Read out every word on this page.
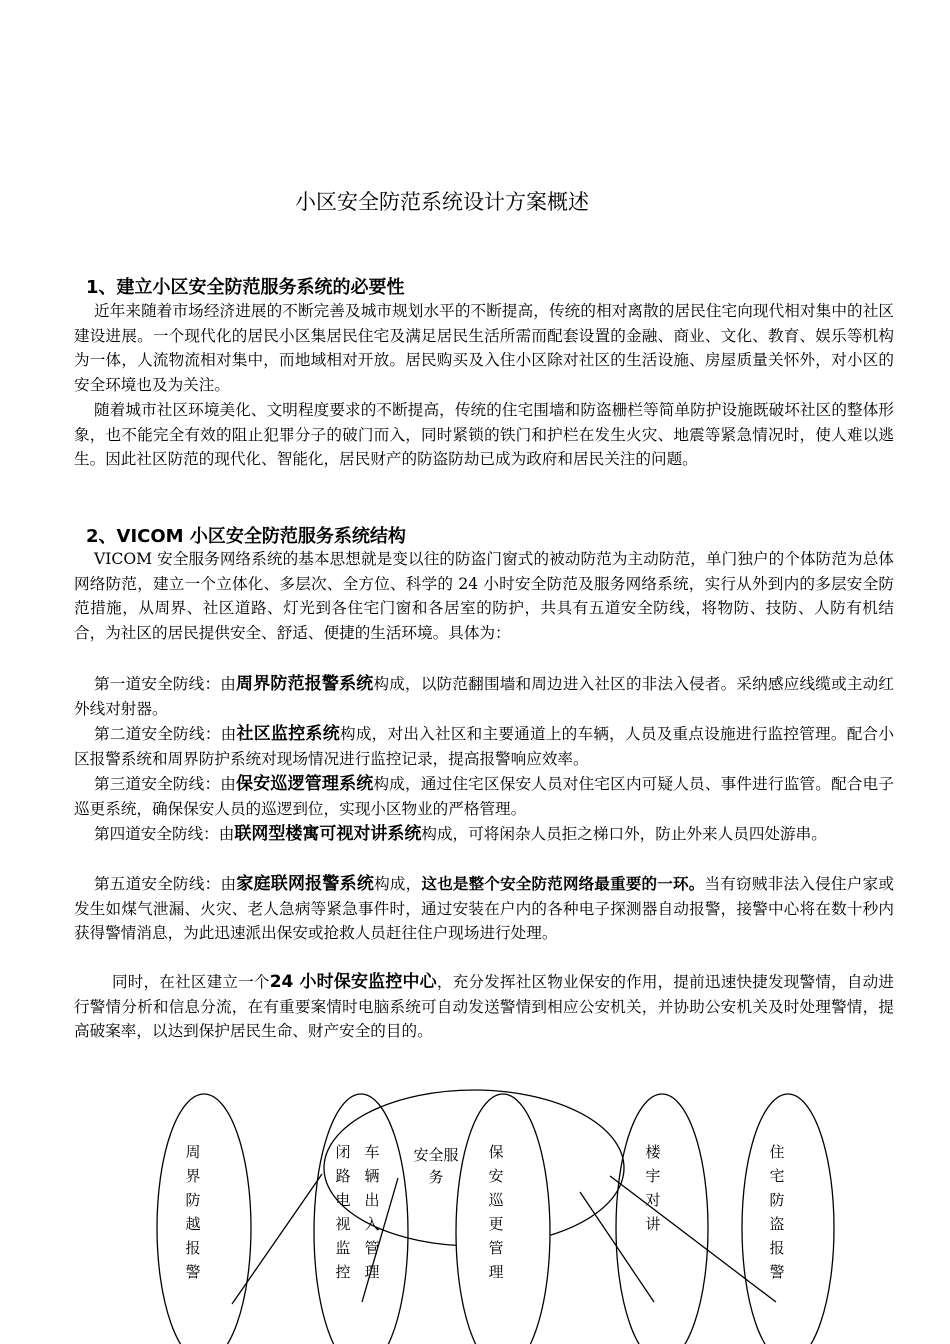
小区安全防范系统设计方案概述
1、建立小区安全防范服务系统的必要性

近年来随着市场经济进展的不断完善及城市规划水平的不断提高，传统的相对离散的居民住宅向现代相对集中的社区建设进展。一个现代化的居民小区集居民住宅及满足居民生活所需而配套设置的金融、商业、文化、教育、娱乐等机构为一体，人流物流相对集中，而地域相对开放。居民购买及入住小区除对社区的生活设施、房屋质量关怀外，对小区的安全环境也及为关注。

随着城市社区环境美化、文明程度要求的不断提高，传统的住宅围墙和防盗栅栏等简单防护设施既破坏社区的整体形象，也不能完全有效的阻止犯罪分子的破门而入，同时紧锁的铁门和护栏在发生火灾、地震等紧急情况时，使人难以逃生。因此社区防范的现代化、智能化，居民财产的防盗防劫已成为政府和居民关注的问题。

2、VICOM 小区安全防范服务系统结构

VICOM 安全服务网络系统的基本思想就是变以往的防盗门窗式的被动防范为主动防范，单门独户的个体防范为总体网络防范，建立一个立体化、多层次、全方位、科学的 24 小时安全防范及服务网络系统，实行从外到内的多层安全防范措施，从周界、社区道路、灯光到各住宅门窗和各居室的防护，共具有五道安全防线，将物防、技防、人防有机结合，为社区的居民提供安全、舒适、便捷的生活环境。具体为：

第一道安全防线：由周界防范报警系统构成，以防范翻围墙和周边进入社区的非法入侵者。采纳感应线缆或主动红外线对射器。

第二道安全防线：由社区监控系统构成，对出入社区和主要通道上的车辆，人员及重点设施进行监控管理。配合小区报警系统和周界防护系统对现场情况进行监控记录，提高报警响应效率。

第三道安全防线：由保安巡逻管理系统构成，通过住宅区保安人员对住宅区内可疑人员、事件进行监管。配合电子巡更系统，确保保安人员的巡逻到位，实现小区物业的严格管理。

第四道安全防线：由联网型楼寓可视对讲系统构成，可将闲杂人员拒之梯口外，防止外来人员四处游串。

第五道安全防线：由家庭联网报警系统构成，这也是整个安全防范网络最重要的一环。当有窃贼非法入侵住户家或发生如煤气泄漏、火灾、老人急病等紧急事件时，通过安装在户内的各种电子探测器自动报警，接警中心将在数十秒内获得警情消息，为此迅速派出保安或抢救人员赶往住户现场进行处理。

同时，在社区建立一个24 小时保安监控中心，充分发挥社区物业保安的作用，提前迅速快捷发现警情，自动进行警情分析和信息分流，在有重要案情时电脑系统可自动发送警情到相应公安机关，并协助公安机关及时处理警情，提高破案率，以达到保护居民生命、财产安全的目的。

安全服
务
周界防越报警
闭路电视监控
车辆出入管理
保安巡更管理
楼宇对讲
住宅防盗报警
